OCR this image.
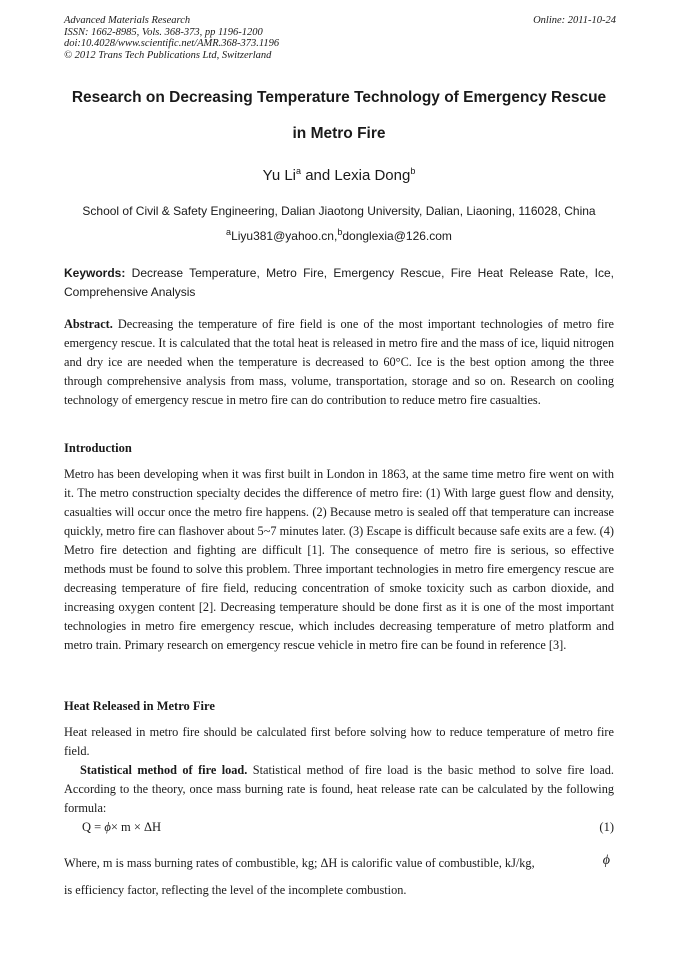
Advanced Materials Research
ISSN: 1662-8985, Vols. 368-373, pp 1196-1200
doi:10.4028/www.scientific.net/AMR.368-373.1196
© 2012 Trans Tech Publications Ltd, Switzerland
Online: 2011-10-24
Research on Decreasing Temperature Technology of Emergency Rescue
in Metro Fire
Yu Li$^a$ and Lexia Dong$^b$
School of Civil & Safety Engineering, Dalian Jiaotong University, Dalian, Liaoning, 116028, China
$^a$Liyu381@yahoo.cn,$^b$donglexia@126.com
Keywords: Decrease Temperature, Metro Fire, Emergency Rescue, Fire Heat Release Rate, Ice, Comprehensive Analysis
Abstract. Decreasing the temperature of fire field is one of the most important technologies of metro fire emergency rescue. It is calculated that the total heat is released in metro fire and the mass of ice, liquid nitrogen and dry ice are needed when the temperature is decreased to 60°C. Ice is the best option among the three through comprehensive analysis from mass, volume, transportation, storage and so on. Research on cooling technology of emergency rescue in metro fire can do contribution to reduce metro fire casualties.
Introduction
Metro has been developing when it was first built in London in 1863, at the same time metro fire went on with it. The metro construction specialty decides the difference of metro fire: (1) With large guest flow and density, casualties will occur once the metro fire happens. (2) Because metro is sealed off that temperature can increase quickly, metro fire can flashover about 5~7 minutes later. (3) Escape is difficult because safe exits are a few. (4) Metro fire detection and fighting are difficult [1]. The consequence of metro fire is serious, so effective methods must be found to solve this problem. Three important technologies in metro fire emergency rescue are decreasing temperature of fire field, reducing concentration of smoke toxicity such as carbon dioxide, and increasing oxygen content [2]. Decreasing temperature should be done first as it is one of the most important technologies in metro fire emergency rescue, which includes decreasing temperature of metro platform and metro train. Primary research on emergency rescue vehicle in metro fire can be found in reference [3].
Heat Released in Metro Fire
Heat released in metro fire should be calculated first before solving how to reduce temperature of metro fire field.
Statistical method of fire load. Statistical method of fire load is the basic method to solve fire load. According to the theory, once mass burning rate is found, heat release rate can be calculated by the following formula:
Q = ϕ× m × ΔH	(1)
Where, m is mass burning rates of combustible, kg; ΔH is calorific value of combustible, kJ/kg,	ϕ
is efficiency factor, reflecting the level of the incomplete combustion.
